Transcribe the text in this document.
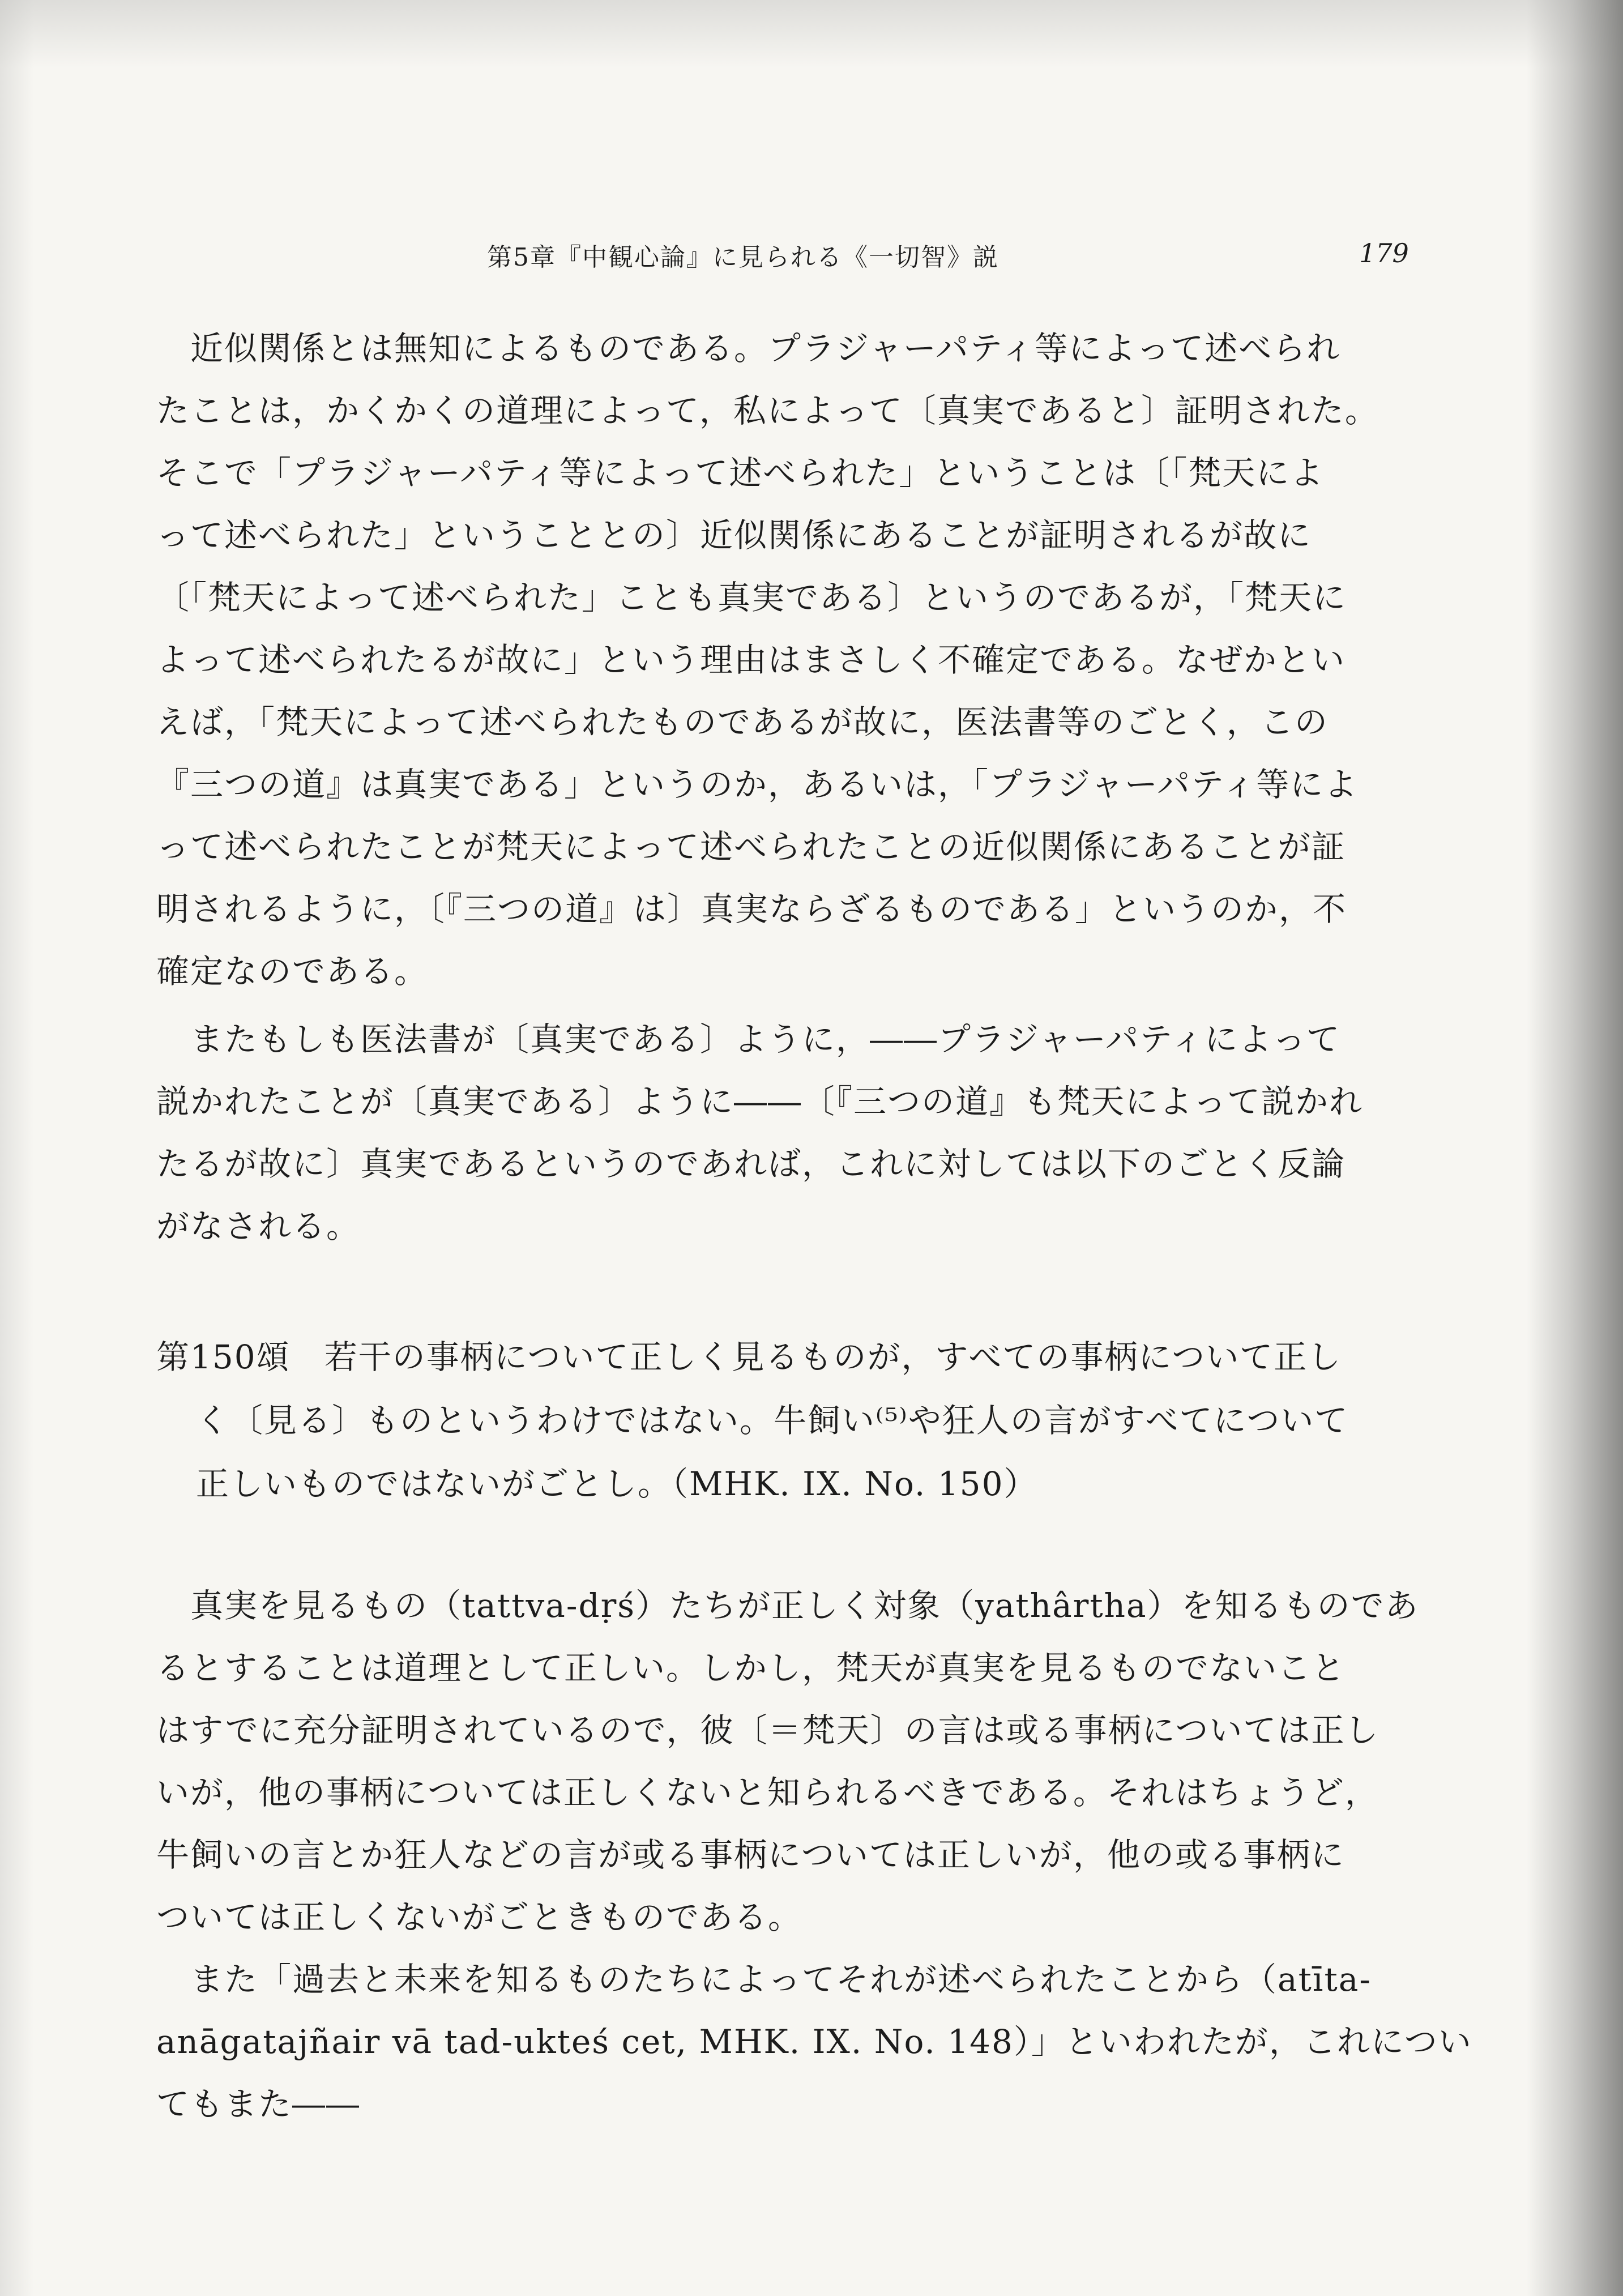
第5章『中観心論』に見られる《一切智》説	179

　近似関係とは無知によるものである。プラジャーパティ等によって述べられ

たことは，かくかくの道理によって，私によって〔真実であると〕証明された。

そこで「プラジャーパティ等によって述べられた」ということは〔「梵天によ

って述べられた」ということとの〕近似関係にあることが証明されるが故に

〔「梵天によって述べられた」ことも真実である〕というのであるが，「梵天に

よって述べられたるが故に」という理由はまさしく不確定である。なぜかとい

えば，「梵天によって述べられたものであるが故に，医法書等のごとく，この

『三つの道』は真実である」というのか，あるいは，「プラジャーパティ等によ

って述べられたことが梵天によって述べられたことの近似関係にあることが証

明されるように，〔『三つの道』は〕真実ならざるものである」というのか，不

確定なのである。

　またもしも医法書が〔真実である〕ように，――プラジャーパティによって

説かれたことが〔真実である〕ように――〔『三つの道』も梵天によって説かれ

たるが故に〕真実であるというのであれば，これに対しては以下のごとく反論

がなされる。

第150頌　若干の事柄について正しく見るものが，すべての事柄について正し

く〔見る〕ものというわけではない。牛飼い⁽⁵⁾や狂人の言がすべてについて

正しいものではないがごとし。（MHK. IX. No. 150）

　真実を見るもの（tattva-dṛś）たちが正しく対象（yathârtha）を知るものであ

るとすることは道理として正しい。しかし，梵天が真実を見るものでないこと

はすでに充分証明されているので，彼〔＝梵天〕の言は或る事柄については正し

いが，他の事柄については正しくないと知られるべきである。それはちょうど，

牛飼いの言とか狂人などの言が或る事柄については正しいが，他の或る事柄に

ついては正しくないがごときものである。

　また「過去と未来を知るものたちによってそれが述べられたことから（atīta-

anāgatajñair vā tad-ukteś cet, MHK. IX. No. 148）」といわれたが，これについ

てもまた――
